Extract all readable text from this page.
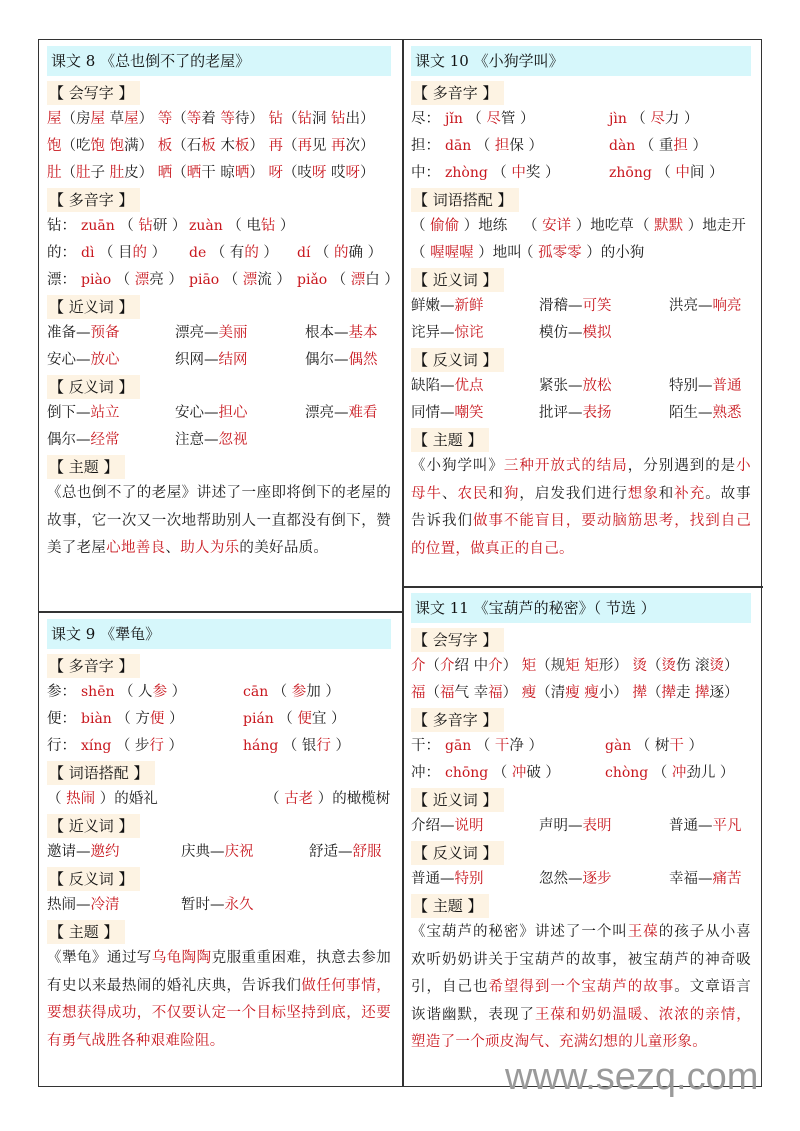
课文 8 《总也倒不了的老屋》
【 会写字 】
屋（房屋 草屋） 等（等着 等待） 钻（钻洞 钻出）
饱（吃饱 饱满） 板（石板 木板） 再（再见 再次）
肚（肚子 肚皮） 晒（晒干 晾晒） 呀（吱呀 哎呀）
【 多音字 】
钻： zuān （ 钻研 ） zuàn （ 电钻 ）
的： dì （ 目的 ） de （ 有的 ） dí （ 的确 ）
漂： piào （ 漂亮 ） piāo （ 漂流 ） piǎo （ 漂白 ）
【 近义词 】
准备—预备	漂亮—美丽	根本—基本
安心—放心	织网—结网	偶尔—偶然
【 反义词 】
倒下—站立	安心—担心	漂亮—难看
偶尔—经常	注意—忽视
【 主题 】
《总也倒不了的老屋》讲述了一座即将倒下的老屋的故事，它一次又一次地帮助别人一直都没有倒下，赞美了老屋心地善良、助人为乐的美好品质。
课文 9 《犟龟》
【 多音字 】
参： shēn （ 人参 ）	cān （ 参加 ）
便： biàn （ 方便 ）	pián （ 便宜 ）
行： xíng （ 步行 ）	háng （ 银行 ）
【 词语搭配 】
（ 热闹 ）的婚礼	（ 古老 ）的橄榄树
【 近义词 】
邀请—邀约	庆典—庆祝	舒适—舒服
【 反义词 】
热闹—冷清	暂时—永久
【 主题 】
《犟龟》通过写乌龟陶陶克服重重困难，执意去参加有史以来最热闹的婚礼庆典，告诉我们做任何事情，要想获得成功，不仅要认定一个目标坚持到底，还要有勇气战胜各种艰难险阻。
课文 10 《小狗学叫》
【 多音字 】
尽： jǐn （ 尽管 ）	jìn （ 尽力 ）
担： dān （ 担保 ）	dàn （ 重担 ）
中： zhòng （ 中奖 ）	zhōng （ 中间 ）
【 词语搭配 】
（ 偷偷 ）地练 （ 安详 ）地吃草 （ 默默 ）地走开
（ 喔喔喔 ）地叫
（ 孤零零 ）的小狗
【 近义词 】
鲜嫩—新鲜	滑稽—可笑	洪亮—响亮
诧异—惊诧	模仿—模拟
【 反义词 】
缺陷—优点	紧张—放松	特别—普通
同情—嘲笑	批评—表扬	陌生—熟悉
【 主题 】
《小狗学叫》三种开放式的结局，分别遇到的是小母牛、农民和狗，启发我们进行想象和补充。故事告诉我们做事不能盲目，要动脑筋思考，找到自己的位置，做真正的自己。
课文 11 《宝葫芦的秘密》（ 节选 ）
【 会写字 】
介（介绍 中介） 矩（规矩 矩形） 烫（烫伤 滚烫）
福（福气 幸福） 瘦（清瘦 瘦小） 撵（撵走 撵逐）
【 多音字 】
干： gān （ 干净 ）	gàn （ 树干 ）
冲： chōng （ 冲破 ）	chòng （ 冲劲儿 ）
【 近义词 】
介绍—说明	声明—表明	普通—平凡
【 反义词 】
普通—特别	忽然—逐步	幸福—痛苦
【 主题 】
《宝葫芦的秘密》讲述了一个叫王葆的孩子从小喜欢听奶奶讲关于宝葫芦的故事，被宝葫芦的神奇吸引，自己也希望得到一个宝葫芦的故事。文章语言诙谐幽默，表现了王葆和奶奶温暖、浓浓的亲情，塑造了一个顽皮淘气、充满幻想的儿童形象。
www.sezq.com
